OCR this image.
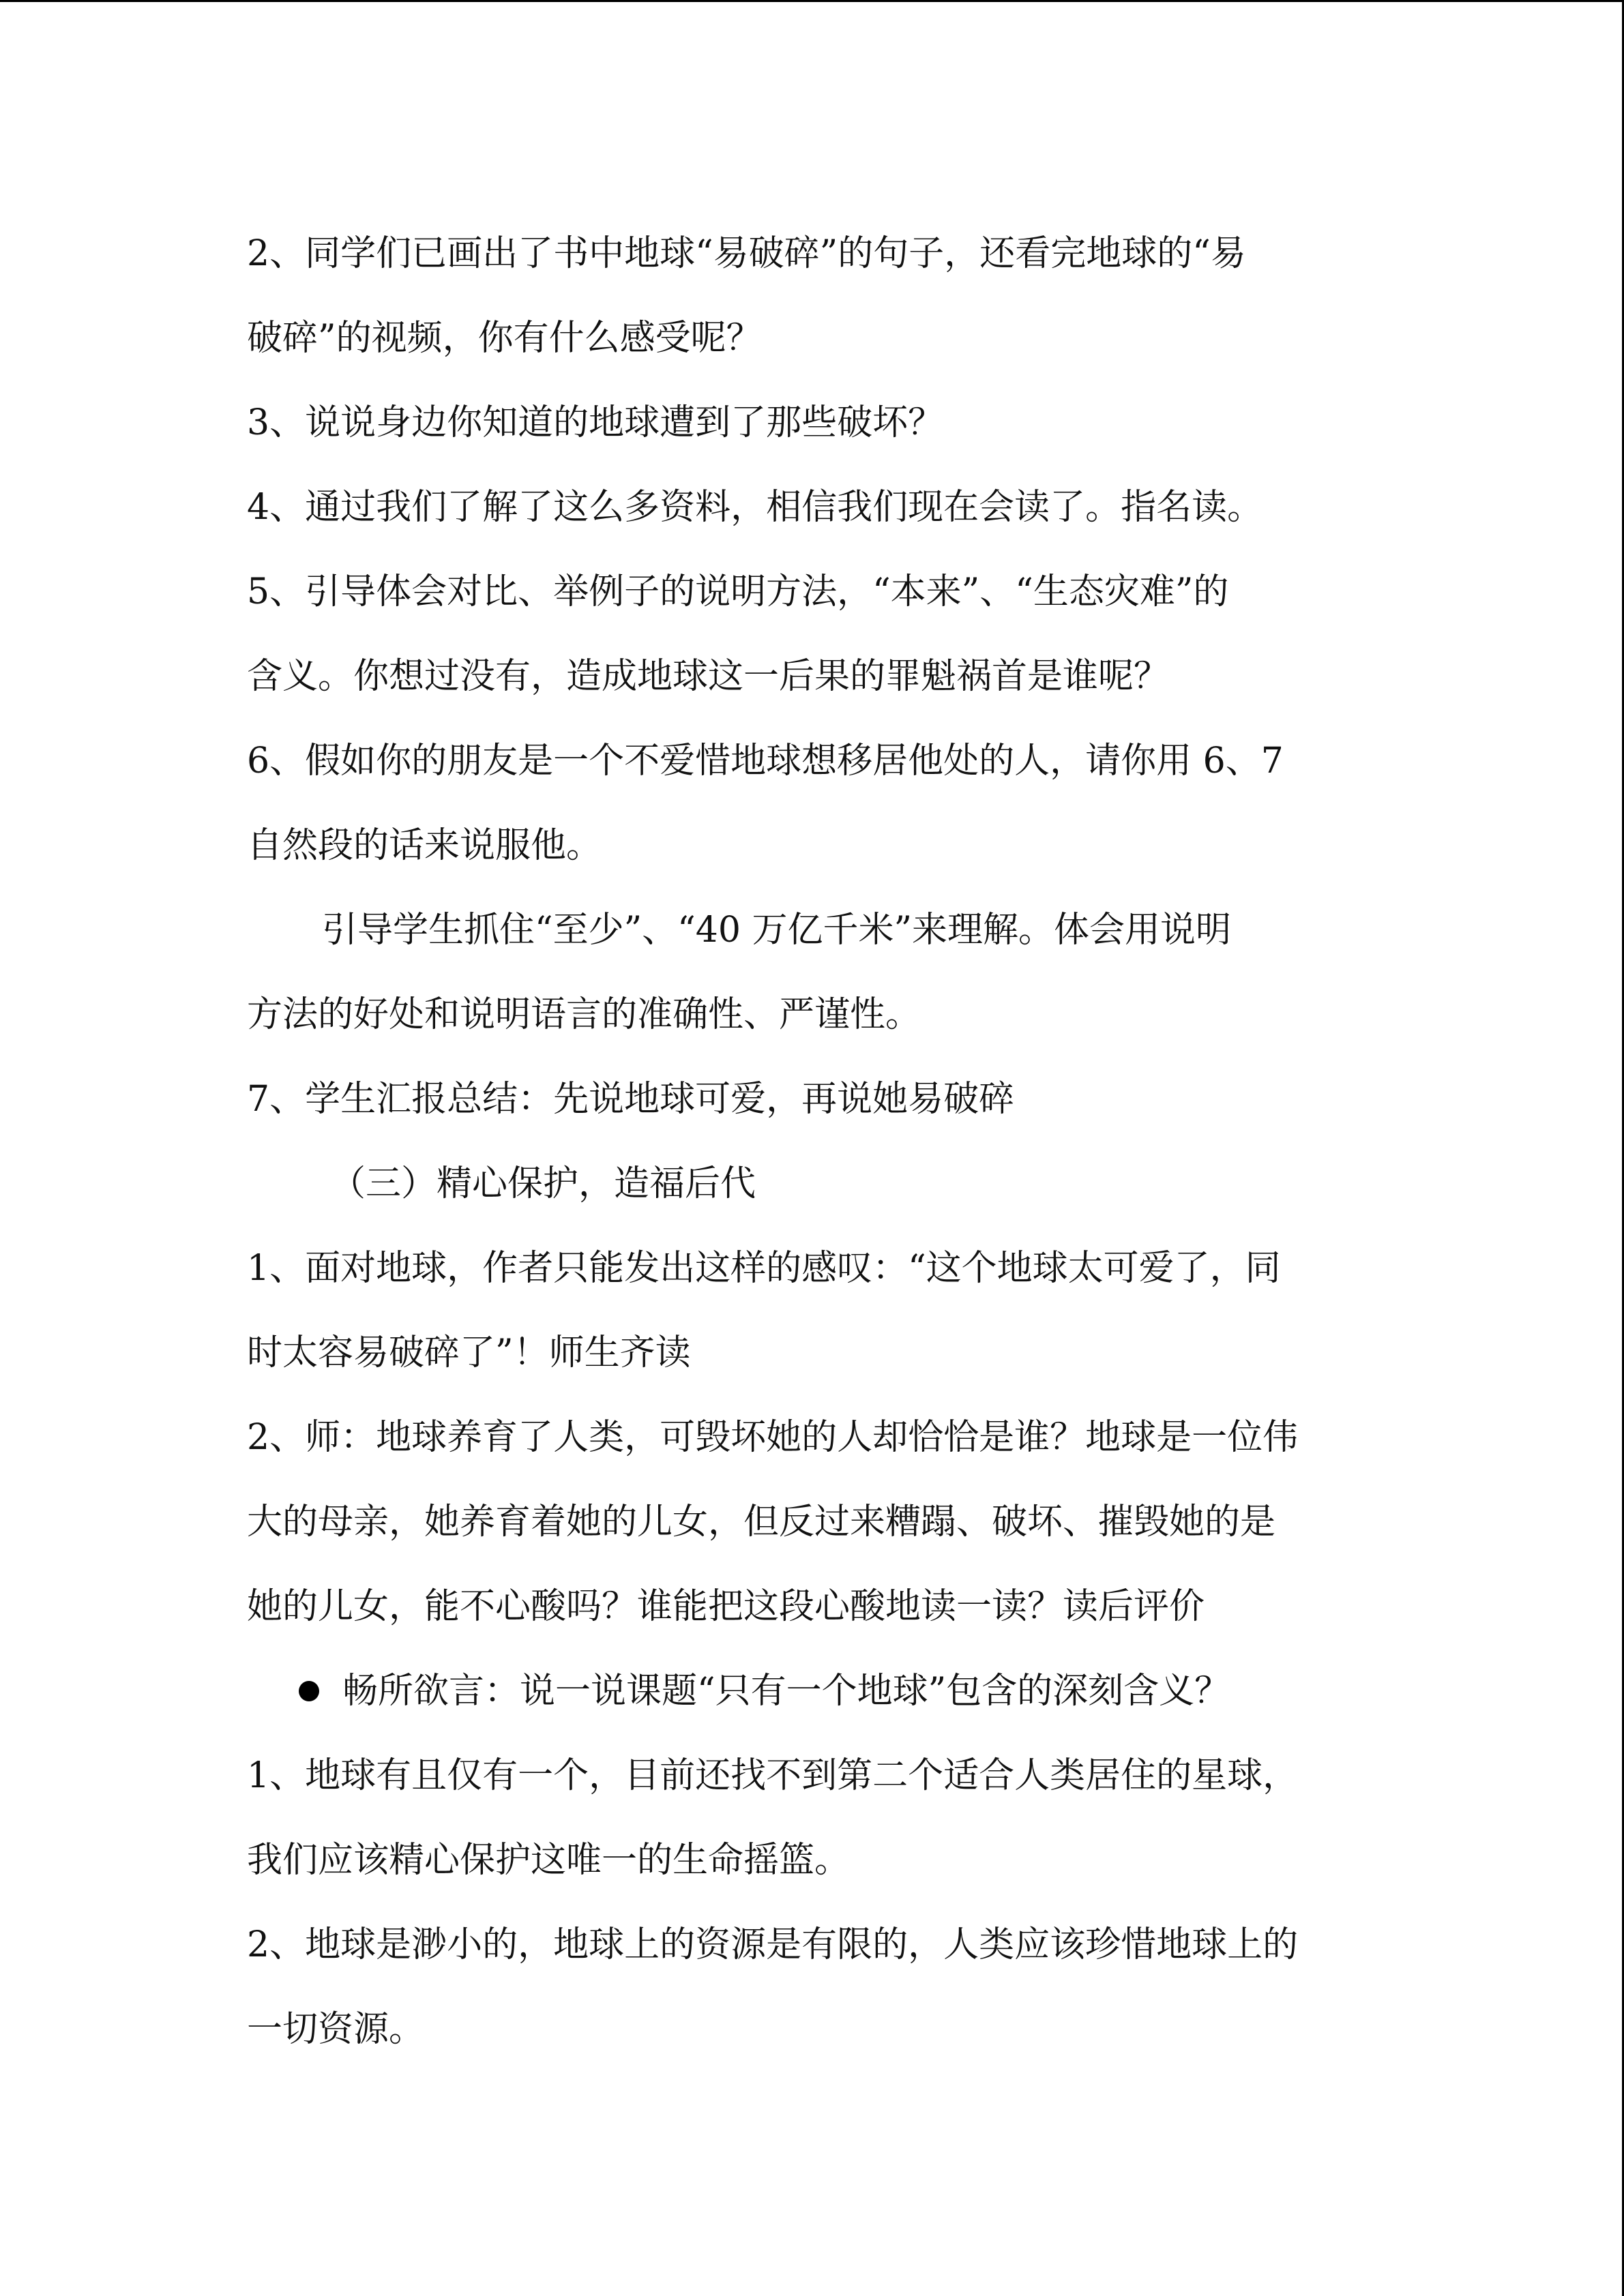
2、同学们已画出了书中地球“易破碎”的句子，还看完地球的“易
破碎”的视频，你有什么感受呢？
3、说说身边你知道的地球遭到了那些破坏？
4、通过我们了解了这么多资料，相信我们现在会读了。指名读。
5、引导体会对比、举例子的说明方法，“本来”、“生态灾难”的
含义。你想过没有，造成地球这一后果的罪魁祸首是谁呢？
6、假如你的朋友是一个不爱惜地球想移居他处的人，请你用 6、7
自然段的话来说服他。
引导学生抓住“至少”、“40 万亿千米”来理解。体会用说明
方法的好处和说明语言的准确性、严谨性。
7、学生汇报总结：先说地球可爱，再说她易破碎
（三）精心保护，造福后代
1、面对地球，作者只能发出这样的感叹：“这个地球太可爱了，同
时太容易破碎了”！师生齐读
2、师：地球养育了人类，可毁坏她的人却恰恰是谁？地球是一位伟
大的母亲，她养育着她的儿女，但反过来糟蹋、破坏、摧毁她的是
她的儿女，能不心酸吗？谁能把这段心酸地读一读？读后评价
畅所欲言：说一说课题“只有一个地球”包含的深刻含义？
1、地球有且仅有一个，目前还找不到第二个适合人类居住的星球，
我们应该精心保护这唯一的生命摇篮。
2、地球是渺小的，地球上的资源是有限的，人类应该珍惜地球上的
一切资源。
